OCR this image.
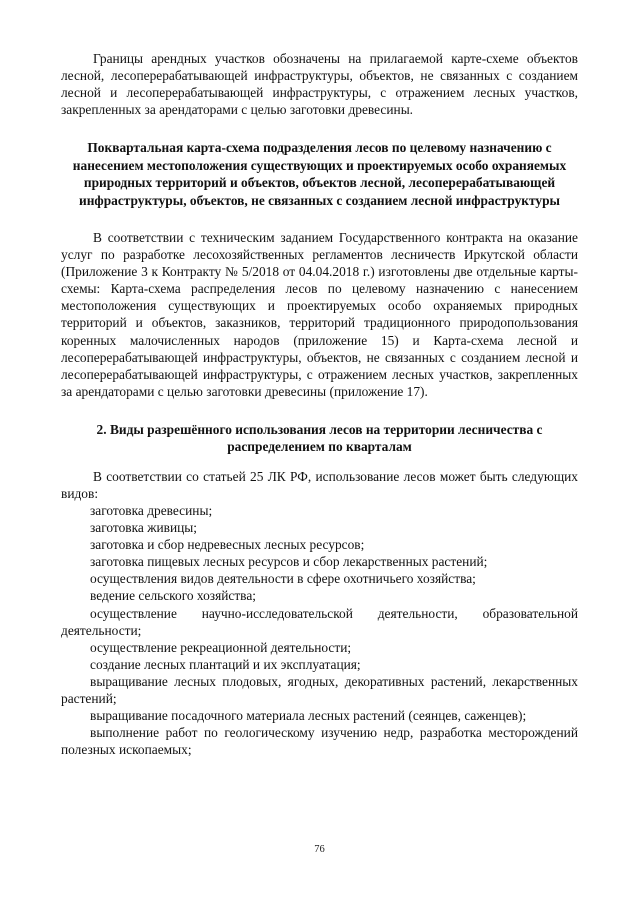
Границы арендных участков обозначены на прилагаемой карте-схеме объектов лесной, лесоперерабатывающей инфраструктуры, объектов, не связанных с созданием лесной и лесоперерабатывающей инфраструктуры, с отражением лесных участков, закрепленных за арендаторами с целью заготовки древесины.

Поквартальная карта-схема подразделения лесов по целевому назначению с нанесением местоположения существующих и проектируемых особо охраняемых природных территорий и объектов, объектов лесной, лесоперерабатывающей инфраструктуры, объектов, не связанных с созданием лесной инфраструктуры

В соответствии с техническим заданием Государственного контракта на оказание услуг по разработке лесохозяйственных регламентов лесничеств Иркутской области (Приложение 3 к Контракту № 5/2018 от 04.04.2018 г.) изготовлены две отдельные карты-схемы: Карта-схема распределения лесов по целевому назначению с нанесением местоположения существующих и проектируемых особо охраняемых природных территорий и объектов, заказников, территорий традиционного природопользования коренных малочисленных народов (приложение 15) и Карта-схема лесной и лесоперерабатывающей инфраструктуры, объектов, не связанных с созданием лесной и лесоперерабатывающей инфраструктуры, с отражением лесных участков, закрепленных за арендаторами с целью заготовки древесины (приложение 17).

2. Виды разрешённого использования лесов на территории лесничества с распределением по кварталам

В соответствии со статьей 25 ЛК РФ, использование лесов может быть следующих видов:

заготовка древесины;
заготовка живицы;
заготовка и сбор недревесных лесных ресурсов;
заготовка пищевых лесных ресурсов и сбор лекарственных растений;
осуществления видов деятельности в сфере охотничьего хозяйства;
ведение сельского хозяйства;
осуществление научно-исследовательской деятельности, образовательной деятельности;
осуществление рекреационной деятельности;
создание лесных плантаций и их эксплуатация;
выращивание лесных плодовых, ягодных, декоративных растений, лекарственных растений;
выращивание посадочного материала лесных растений (сеянцев, саженцев);
выполнение работ по геологическому изучению недр, разработка месторождений полезных ископаемых;
76
